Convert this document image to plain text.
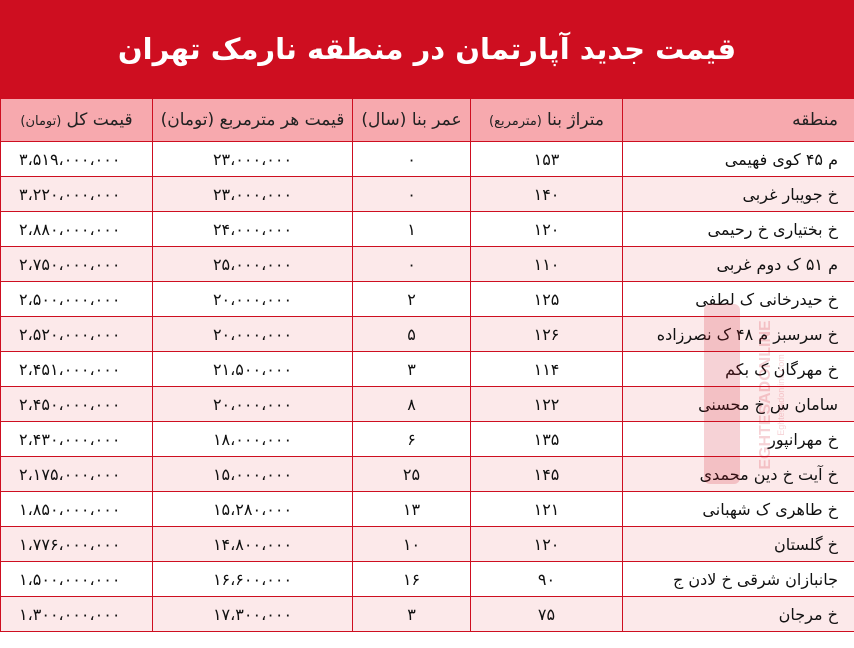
قیمت جدید آپارتمان در منطقه نارمک تهران
منطقه	متراژ بنا (مترمربع)	عمر بنا (سال)	قیمت هر مترمربع (تومان)	قیمت کل (تومان)
م ۴۵ کوی فهیمی	۱۵۳	۰	۲۳،۰۰۰،۰۰۰	۳،۵۱۹،۰۰۰،۰۰۰
خ جویبار غربی	۱۴۰	۰	۲۳،۰۰۰،۰۰۰	۳،۲۲۰،۰۰۰،۰۰۰
خ بختیاری خ رحیمی	۱۲۰	۱	۲۴،۰۰۰،۰۰۰	۲،۸۸۰،۰۰۰،۰۰۰
م ۵۱ ک دوم غربی	۱۱۰	۰	۲۵،۰۰۰،۰۰۰	۲،۷۵۰،۰۰۰،۰۰۰
خ حیدرخانی ک لطفی	۱۲۵	۲	۲۰،۰۰۰،۰۰۰	۲،۵۰۰،۰۰۰،۰۰۰
خ سرسبز م ۴۸ ک نصرزاده	۱۲۶	۵	۲۰،۰۰۰،۰۰۰	۲،۵۲۰،۰۰۰،۰۰۰
خ مهرگان ک بکم	۱۱۴	۳	۲۱،۵۰۰،۰۰۰	۲،۴۵۱،۰۰۰،۰۰۰
سامان س خ محسنی	۱۲۲	۸	۲۰،۰۰۰،۰۰۰	۲،۴۵۰،۰۰۰،۰۰۰
خ مهرانپور	۱۳۵	۶	۱۸،۰۰۰،۰۰۰	۲،۴۳۰،۰۰۰،۰۰۰
خ آیت خ دین محمدی	۱۴۵	۲۵	۱۵،۰۰۰،۰۰۰	۲،۱۷۵،۰۰۰،۰۰۰
خ طاهری ک شهبانی	۱۲۱	۱۳	۱۵،۲۸۰،۰۰۰	۱،۸۵۰،۰۰۰،۰۰۰
خ گلستان	۱۲۰	۱۰	۱۴،۸۰۰،۰۰۰	۱،۷۷۶،۰۰۰،۰۰۰
جانبازان شرقی خ لادن ج	۹۰	۱۶	۱۶،۶۰۰،۰۰۰	۱،۵۰۰،۰۰۰،۰۰۰
خ مرجان	۷۵	۳	۱۷،۳۰۰،۰۰۰	۱،۳۰۰،۰۰۰،۰۰۰
